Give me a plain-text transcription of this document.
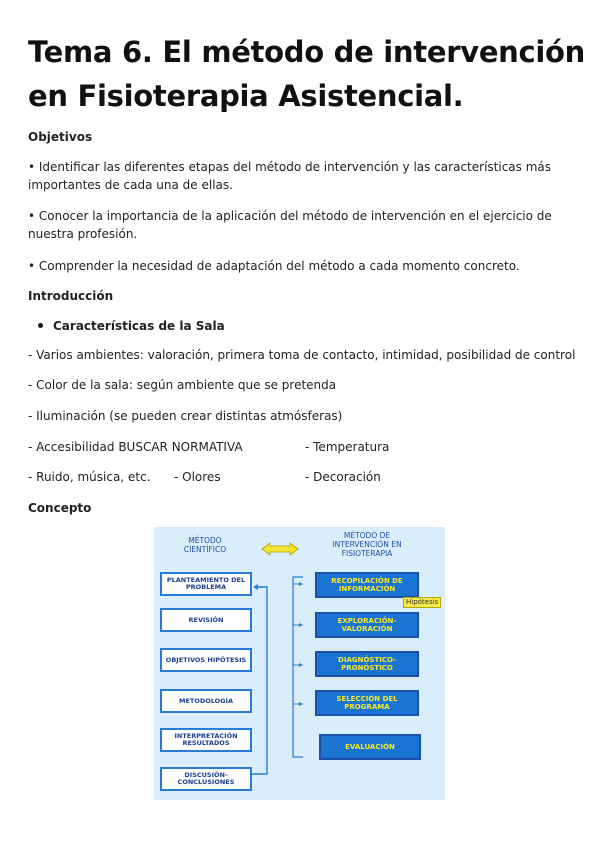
Tema 6. El método de intervención en Fisioterapia Asistencial.
Objetivos
• Identificar las diferentes etapas del método de intervención y las características más importantes de cada una de ellas.
• Conocer la importancia de la aplicación del método de intervención en el ejercicio de nuestra profesión.
• Comprender la necesidad de adaptación del método a cada momento concreto.
Introducción
Características de la Sala
- Varios ambientes: valoración, primera toma de contacto, intimidad, posibilidad de control
- Color de la sala: según ambiente que se pretenda
- Iluminación (se pueden crear distintas atmósferas)
- Accesibilidad BUSCAR NORMATIVA	- Temperatura
- Ruido, música, etc. - Olores	- Decoración
Concepto
MÉTODO CIENTÍFICO
MÉTODO DE INTERVENCIÓN EN FISIOTERAPIA
PLANTEAMIENTO DEL PROBLEMA
REVISIÓN
OBJETIVOS HIPÓTESIS
METODOLOGÍA
INTERPRETACIÓN RESULTADOS
DISCUSIÓN-CONCLUSIONES
RECOPILACIÓN DE INFORMACIÓN
EXPLORACIÓN-VALORACIÓN
DIAGNÓSTICO-PRONÓSTICO
SELECCIÓN DEL PROGRAMA
EVALUACIÓN
Hipótesis
